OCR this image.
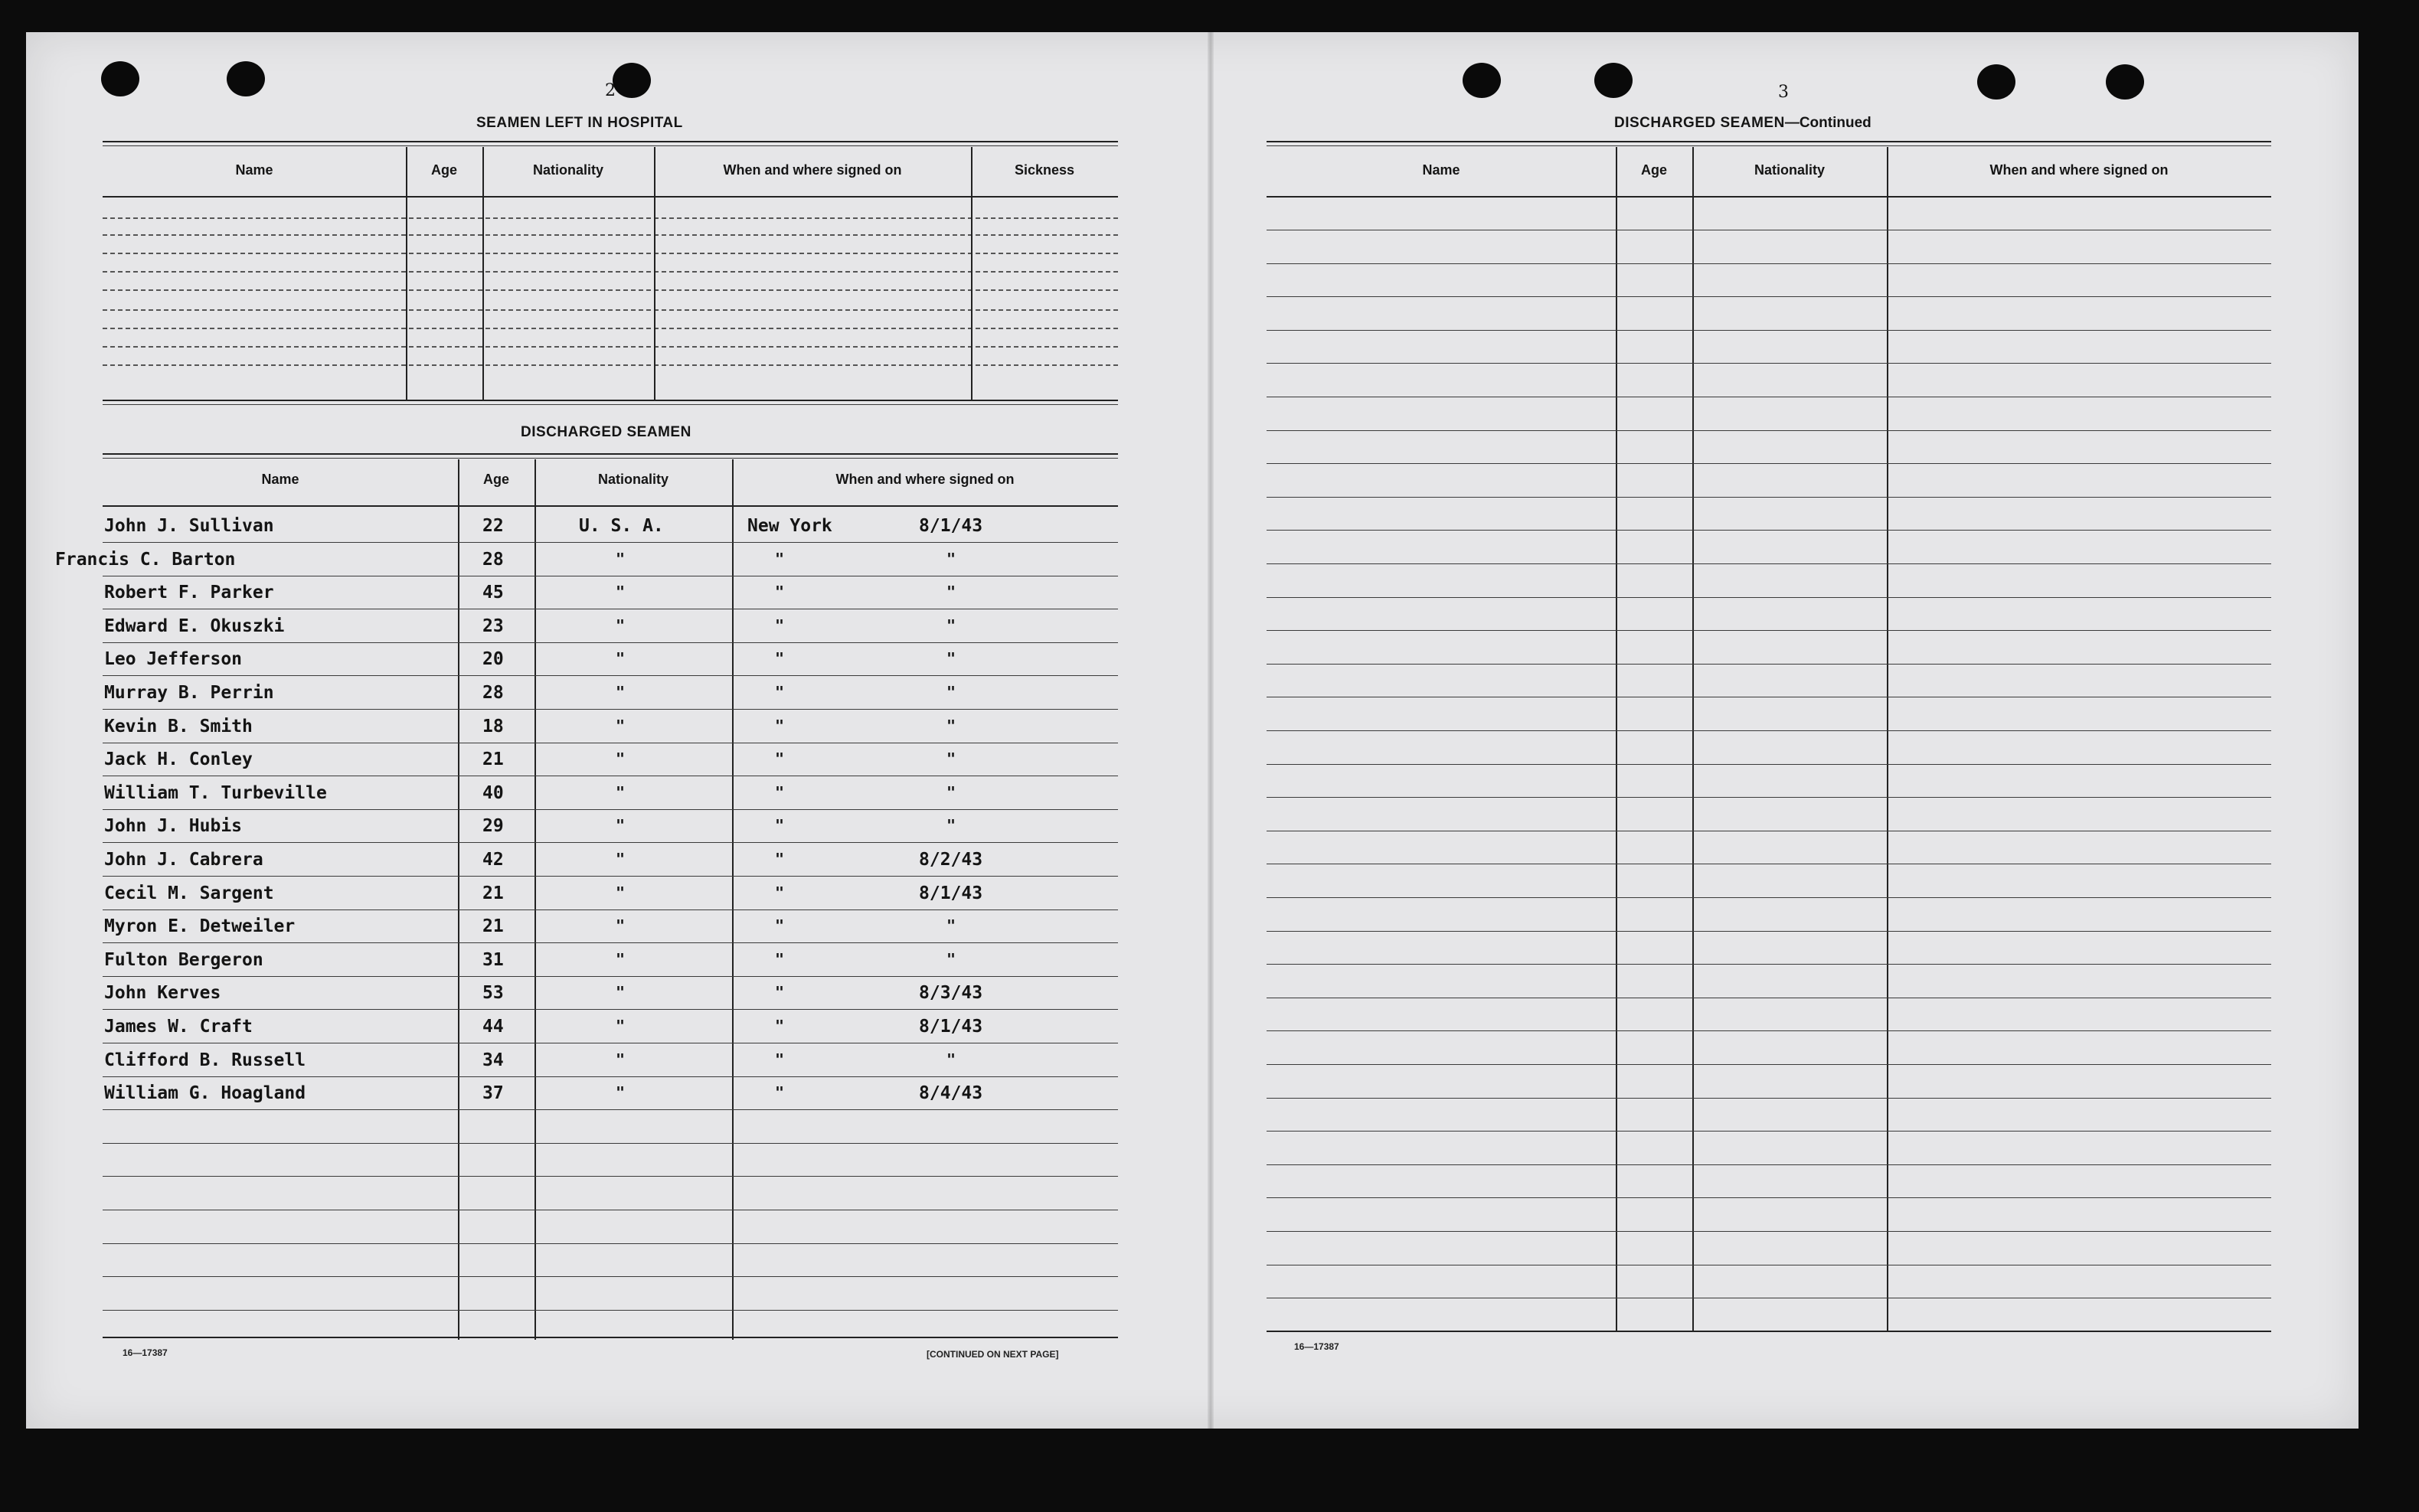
2
SEAMEN LEFT IN HOSPITAL
Name	Age	Nationality	When and where signed on	Sickness
DISCHARGED SEAMEN
Name	Age	Nationality	When and where signed on
John J. Sullivan	22	U. S. A.	New York	8/1/43
Francis C. Barton	28	"	"	"
Robert F. Parker	45	"	"	"
Edward E. Okuszki	23	"	"	"
Leo Jefferson	20	"	"	"
Murray B. Perrin	28	"	"	"
Kevin B. Smith	18	"	"	"
Jack H. Conley	21	"	"	"
William T. Turbeville	40	"	"	"
John J. Hubis	29	"	"	"
John J. Cabrera	42	"	"	8/2/43
Cecil M. Sargent	21	"	"	8/1/43
Myron E. Detweiler	21	"	"	"
Fulton Bergeron	31	"	"	"
John Kerves	53	"	"	8/3/43
James W. Craft	44	"	"	8/1/43
Clifford B. Russell	34	"	"	"
William G. Hoagland	37	"	"	8/4/43
16—17387	[CONTINUED ON NEXT PAGE]
3
DISCHARGED SEAMEN—Continued
Name	Age	Nationality	When and where signed on
16—17387
